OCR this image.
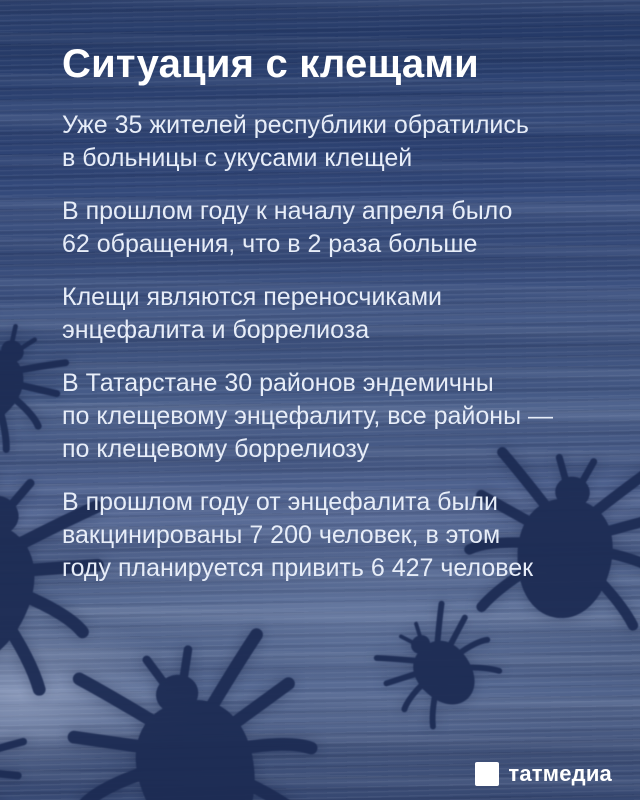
Ситуация с клещами
Уже 35 жителей республики обратились
в больницы с укусами клещей
В прошлом году к началу апреля было
62 обращения, что в 2 раза больше
Клещи являются переносчиками
энцефалита и боррелиоза
В Татарстане 30 районов эндемичны
по клещевому энцефалиту, все районы —
по клещевому боррелиозу
В прошлом году от энцефалита были
вакцинированы 7 200 человек, в этом
году планируется привить 6 427 человек
татмедиа
